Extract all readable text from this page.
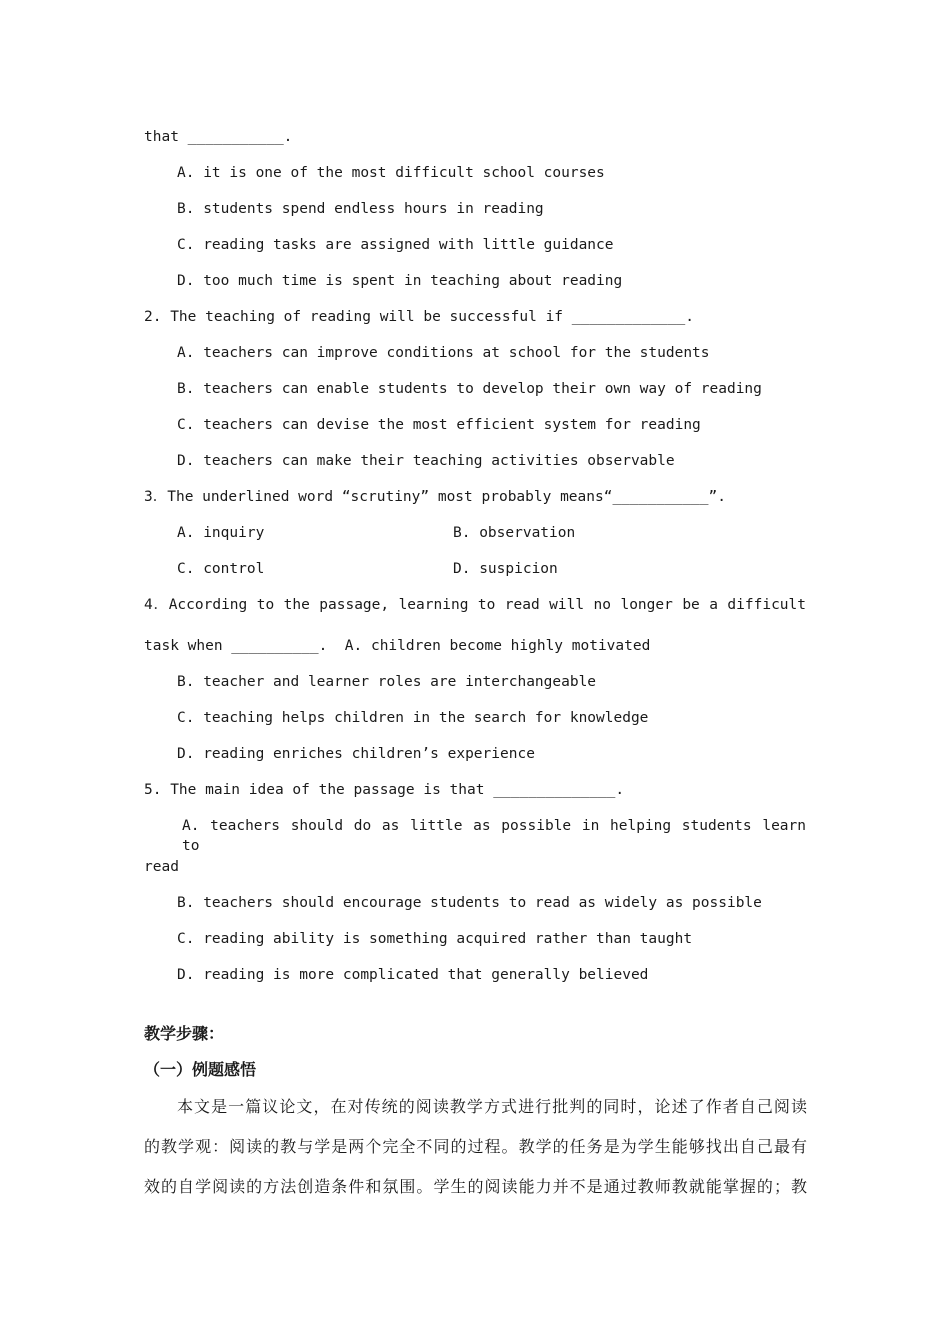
that ___________.
A. it is one of the most difficult school courses
B. students spend endless hours in reading
C. reading tasks are assigned with little guidance
D. too much time is spent in teaching about reading
2. The teaching of reading will be successful if _____________.
A. teachers can improve conditions at school for the students
B. teachers can enable students to develop their own way of reading
C. teachers can devise the most efficient system for reading
D. teachers can make their teaching activities observable
3．The underlined word “scrutiny” most probably means“___________”.
A. inquiry	B. observation
C. control	D. suspicion
4．According to the passage, learning to read will no longer be a difficult
task when __________.  A. children become highly motivated
B. teacher and learner roles are interchangeable
C. teaching helps children in the search for knowledge
D. reading enriches children’s experience
5. The main idea of the passage is that ______________.
A. teachers should do as little as possible in helping students learn to
read
B. teachers should encourage students to read as widely as possible
C. reading ability is something acquired rather than taught
D. reading is more complicated that generally believed
教学步骤：
（一）例题感悟
本文是一篇议论文，在对传统的阅读教学方式进行批判的同时，论述了作者自己阅读
的教学观：阅读的教与学是两个完全不同的过程。教学的任务是为学生能够找出自己最有
效的自学阅读的方法创造条件和氛围。学生的阅读能力并不是通过教师教就能掌握的；教
